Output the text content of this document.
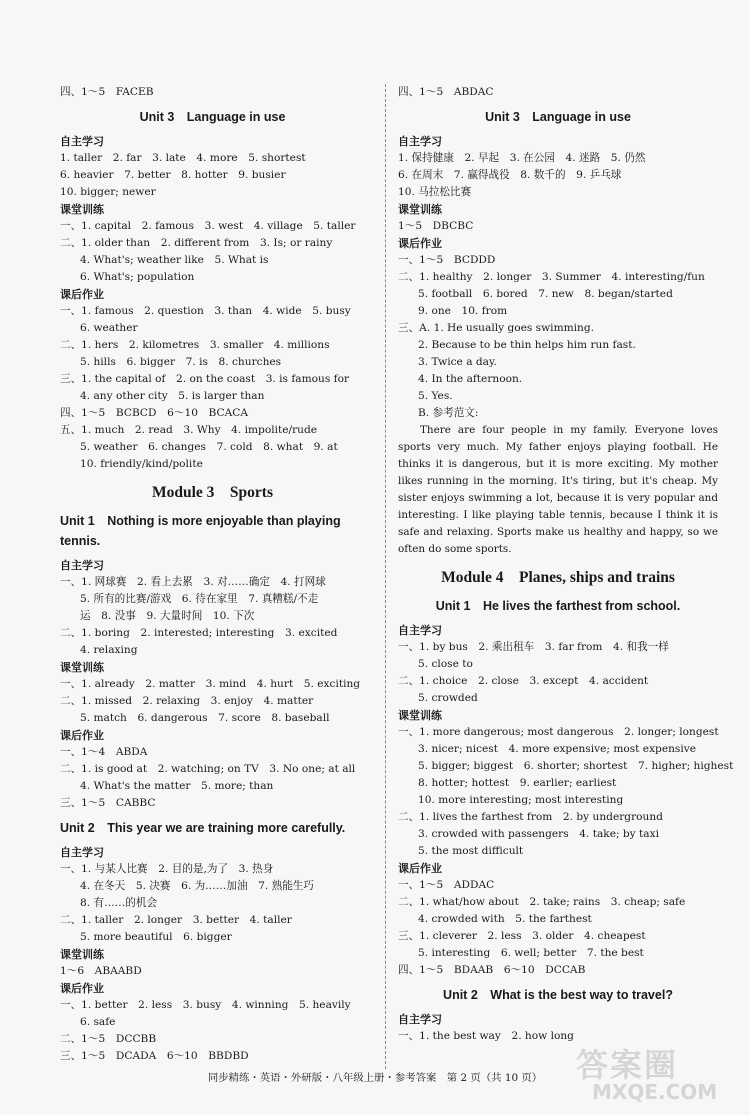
四、1～5　FACEB
Unit 3　Language in use
自主学习
1. taller　2. far　3. late　4. more　5. shortest
6. heavier　7. better　8. hotter　9. busier
10. bigger; newer
课堂训练
一、1. capital　2. famous　3. west　4. village　5. taller
二、1. older than　2. different from　3. Is; or rainy
4. What's; weather like　5. What is
6. What's; population
课后作业
一、1. famous　2. question　3. than　4. wide　5. busy
6. weather
二、1. hers　2. kilometres　3. smaller　4. millions
5. hills　6. bigger　7. is　8. churches
三、1. the capital of　2. on the coast　3. is famous for
4. any other city　5. is larger than
四、1～5　BCBCD　6～10　BCACA
五、1. much　2. read　3. Why　4. impolite/rude
5. weather　6. changes　7. cold　8. what　9. at
10. friendly/kind/polite
Module 3　Sports
Unit 1　Nothing is more enjoyable than playing tennis.
自主学习
一、1. 网球赛　2. 看上去累　3. 对……确定　4. 打网球
5. 所有的比赛/游戏　6. 待在家里　7. 真糟糕/不走
运　8. 没事　9. 大量时间　10. 下次
二、1. boring　2. interested; interesting　3. excited
4. relaxing
课堂训练
一、1. already　2. matter　3. mind　4. hurt　5. exciting
二、1. missed　2. relaxing　3. enjoy　4. matter
5. match　6. dangerous　7. score　8. baseball
课后作业
一、1～4　ABDA
二、1. is good at　2. watching; on TV　3. No one; at all
4. What's the matter　5. more; than
三、1～5　CABBC
Unit 2　This year we are training more carefully.
自主学习
一、1. 与某人比赛　2. 目的是,为了　3. 热身
4. 在冬天　5. 决赛　6. 为……加油　7. 熟能生巧
8. 有……的机会
二、1. taller　2. longer　3. better　4. taller
5. more beautiful　6. bigger
课堂训练
1～6　ABAABD
课后作业
一、1. better　2. less　3. busy　4. winning　5. heavily
6. safe
二、1～5　DCCBB
三、1～5　DCADA　6～10　BBDBD
四、1～5　ABDAC
Unit 3　Language in use
自主学习
1. 保持健康　2. 早起　3. 在公园　4. 迷路　5. 仍然
6. 在周末　7. 赢得战役　8. 数千的　9. 乒乓球
10. 马拉松比赛
课堂训练
1～5　DBCBC
课后作业
一、1～5　BCDDD
二、1. healthy　2. longer　3. Summer　4. interesting/fun
5. football　6. bored　7. new　8. began/started
9. one　10. from
三、A. 1. He usually goes swimming.
2. Because to be thin helps him run fast.
3. Twice a day.
4. In the afternoon.
5. Yes.
B. 参考范文:
There are four people in my family. Everyone loves sports very much. My father enjoys playing football. He thinks it is dangerous, but it is more exciting. My mother likes running in the morning. It's tiring, but it's cheap. My sister enjoys swimming a lot, because it is very popular and interesting. I like playing table tennis, because I think it is safe and relaxing. Sports make us healthy and happy, so we often do some sports.
Module 4　Planes, ships and trains
Unit 1　He lives the farthest from school.
自主学习
一、1. by bus　2. 乘出租车　3. far from　4. 和我一样
5. close to
二、1. choice　2. close　3. except　4. accident
5. crowded
课堂训练
一、1. more dangerous; most dangerous　2. longer; longest
3. nicer; nicest　4. more expensive; most expensive
5. bigger; biggest　6. shorter; shortest　7. higher; highest
8. hotter; hottest　9. earlier; earliest
10. more interesting; most interesting
二、1. lives the farthest from　2. by underground
3. crowded with passengers　4. take; by taxi
5. the most difficult
课后作业
一、1～5　ADDAC
二、1. what/how about　2. take; rains　3. cheap; safe
4. crowded with　5. the farthest
三、1. cleverer　2. less　3. older　4. cheapest
5. interesting　6. well; better　7. the best
四、1～5　BDAAB　6～10　DCCAB
Unit 2　What is the best way to travel?
自主学习
一、1. the best way　2. how long
同步精练・英语・外研版・八年级上册・参考答案　第 2 页（共 10 页）	答案圈
MXQE.COM
